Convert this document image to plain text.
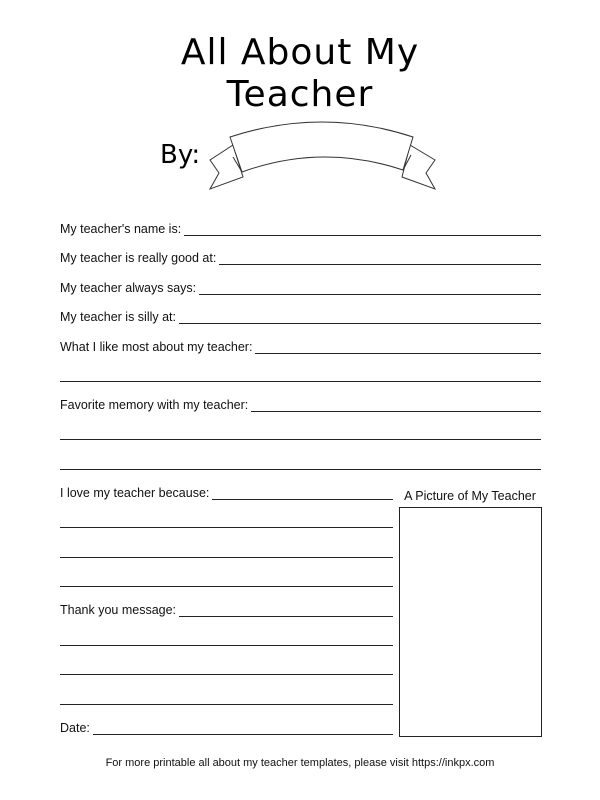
All About My
Teacher
By:
My teacher's name is:
My teacher is really good at:
My teacher always says:
My teacher is silly at:
What I like most about my teacher:
Favorite memory with my teacher:
I love my teacher because:
Thank you message:
Date:
A Picture of My Teacher
For more printable all about my teacher templates, please visit https://inkpx.com
